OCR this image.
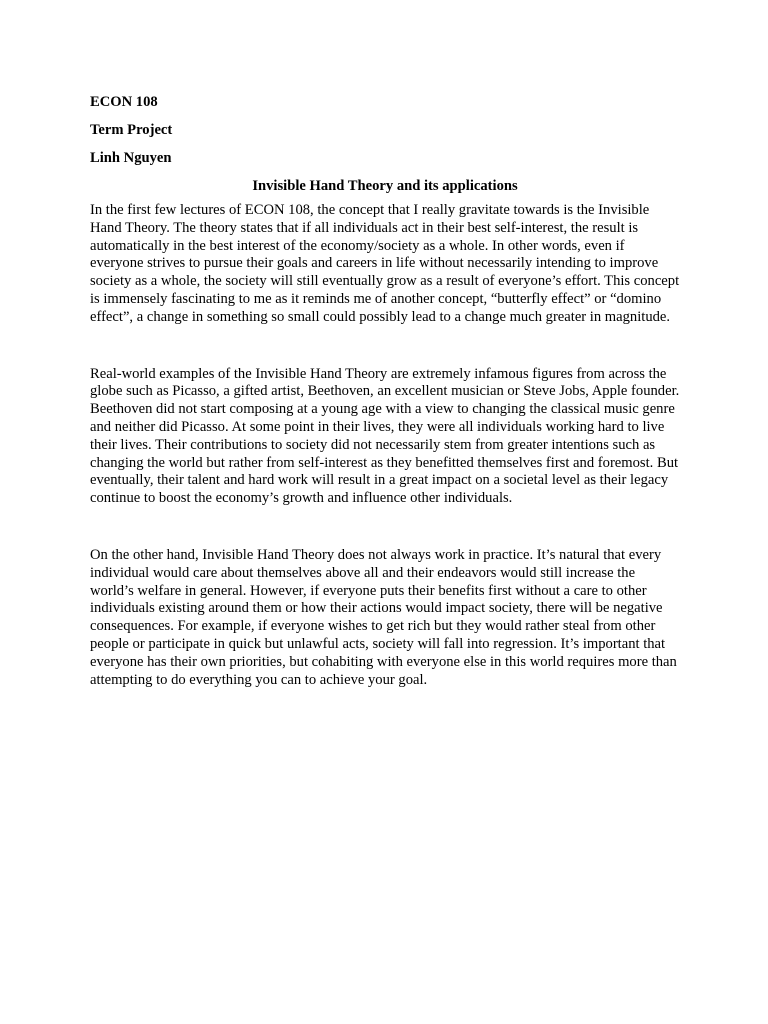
ECON 108
Term Project
Linh Nguyen
Invisible Hand Theory and its applications

In the first few lectures of ECON 108, the concept that I really gravitate towards is the Invisible Hand Theory. The theory states that if all individuals act in their best self-interest, the result is automatically in the best interest of the economy/society as a whole. In other words, even if everyone strives to pursue their goals and careers in life without necessarily intending to improve society as a whole, the society will still eventually grow as a result of everyone’s effort. This concept is immensely fascinating to me as it reminds me of another concept, “butterfly effect” or “domino effect”, a change in something so small could possibly lead to a change much greater in magnitude.

Real-world examples of the Invisible Hand Theory are extremely infamous figures from across the globe such as Picasso, a gifted artist, Beethoven, an excellent musician or Steve Jobs, Apple founder. Beethoven did not start composing at a young age with a view to changing the classical music genre and neither did Picasso. At some point in their lives, they were all individuals working hard to live their lives. Their contributions to society did not necessarily stem from greater intentions such as changing the world but rather from self-interest as they benefitted themselves first and foremost. But eventually, their talent and hard work will result in a great impact on a societal level as their legacy continue to boost the economy’s growth and influence other individuals.

On the other hand, Invisible Hand Theory does not always work in practice. It’s natural that every individual would care about themselves above all and their endeavors would still increase the world’s welfare in general. However, if everyone puts their benefits first without a care to other individuals existing around them or how their actions would impact society, there will be negative consequences. For example, if everyone wishes to get rich but they would rather steal from other people or participate in quick but unlawful acts, society will fall into regression. It’s important that everyone has their own priorities, but cohabiting with everyone else in this world requires more than attempting to do everything you can to achieve your goal.
